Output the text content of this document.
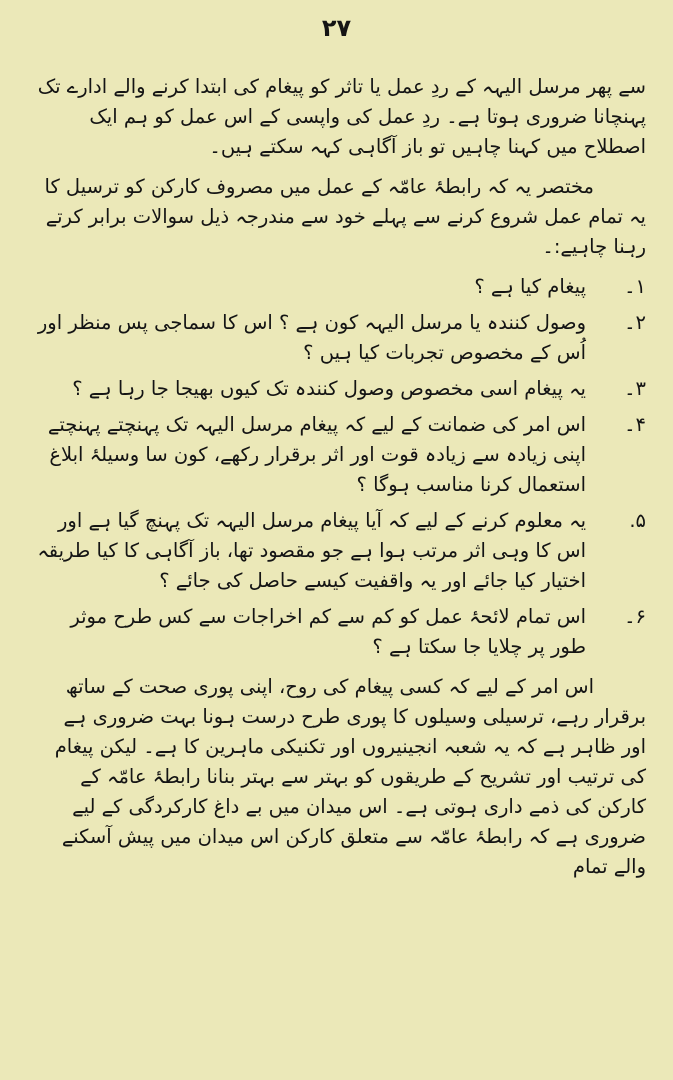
۲۷

سے پھر مرسل الیہہ کے ردِ عمل یا تاثر کو پیغام کی ابتدا کرنے والے ادارے تک پہنچانا ضروری ہوتا ہے۔ ردِ عمل کی واپسی کے اس عمل کو ہم ایک اصطلاح میں کہنا چاہیں تو باز آگاہی کہہ سکتے ہیں۔

مختصر یہ کہ رابطۂ عامّہ کے عمل میں مصروف کارکن کو ترسیل کا یہ تمام عمل شروع کرنے سے پہلے خود سے مندرجہ ذیل سوالات برابر کرتے رہنا چاہیے:۔

۱۔
پیغام کیا ہے ؟
۲۔
وصول کنندہ یا مرسل الیہہ کون ہے ؟ اس کا سماجی پس منظر اور اُس کے مخصوص تجربات کیا ہیں ؟
۳۔
یہ پیغام اسی مخصوص وصول کنندہ تک کیوں بھیجا جا رہا ہے ؟
۴۔
اس امر کی ضمانت کے لیے کہ پیغام مرسل الیہہ تک پہنچتے پہنچتے اپنی زیادہ سے زیادہ قوت اور اثر برقرار رکھے، کون سا وسیلۂ ابلاغ استعمال کرنا مناسب ہوگا ؟
۵.
یہ معلوم کرنے کے لیے کہ آیا پیغام مرسل الیہہ تک پہنچ گیا ہے اور اس کا وہی اثر مرتب ہوا ہے جو مقصود تھا، باز آگاہی کا کیا طریقہ اختیار کیا جائے اور یہ واقفیت کیسے حاصل کی جائے ؟
۶۔
اس تمام لائحۂ عمل کو کم سے کم اخراجات سے کس طرح موثر طور پر چلایا جا سکتا ہے ؟

اس امر کے لیے کہ کسی پیغام کی روح، اپنی پوری صحت کے ساتھ برقرار رہے، ترسیلی وسیلوں کا پوری طرح درست ہونا بہت ضروری ہے اور ظاہر ہے کہ یہ شعبہ انجینیروں اور تکنیکی ماہرین کا ہے۔ لیکن پیغام کی ترتیب اور تشریح کے طریقوں کو بہتر سے بہتر بنانا رابطۂ عامّہ کے کارکن کی ذمے داری ہوتی ہے۔ اس میدان میں بے داغ کارکردگی کے لیے ضروری ہے کہ رابطۂ عامّہ سے متعلق کارکن اس میدان میں پیش آسکنے والے تمام
